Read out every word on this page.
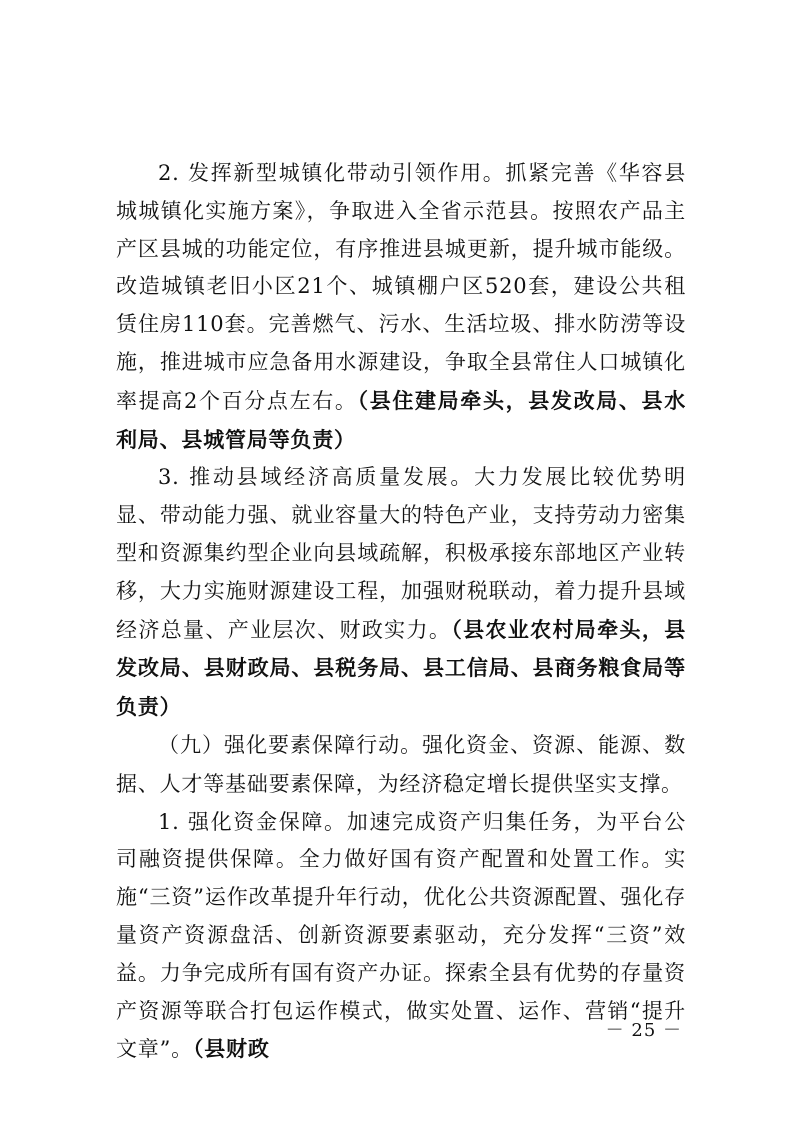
2. 发挥新型城镇化带动引领作用。抓紧完善《华容县城城镇化实施方案》，争取进入全省示范县。按照农产品主产区县城的功能定位，有序推进县城更新，提升城市能级。改造城镇老旧小区21个、城镇棚户区520套，建设公共租赁住房110套。完善燃气、污水、生活垃圾、排水防涝等设施，推进城市应急备用水源建设，争取全县常住人口城镇化率提高2个百分点左右。（县住建局牵头，县发改局、县水利局、县城管局等负责）

3. 推动县域经济高质量发展。大力发展比较优势明显、带动能力强、就业容量大的特色产业，支持劳动力密集型和资源集约型企业向县域疏解，积极承接东部地区产业转移，大力实施财源建设工程，加强财税联动，着力提升县域经济总量、产业层次、财政实力。（县农业农村局牵头，县发改局、县财政局、县税务局、县工信局、县商务粮食局等负责）

（九）强化要素保障行动。强化资金、资源、能源、数据、人才等基础要素保障，为经济稳定增长提供坚实支撑。

1. 强化资金保障。加速完成资产归集任务，为平台公司融资提供保障。全力做好国有资产配置和处置工作。实施“三资”运作改革提升年行动，优化公共资源配置、强化存量资产资源盘活、创新资源要素驱动，充分发挥“三资”效益。力争完成所有国有资产办证。探索全县有优势的存量资产资源等联合打包运作模式，做实处置、运作、营销“提升文章”。（县财政

－ 25 －
